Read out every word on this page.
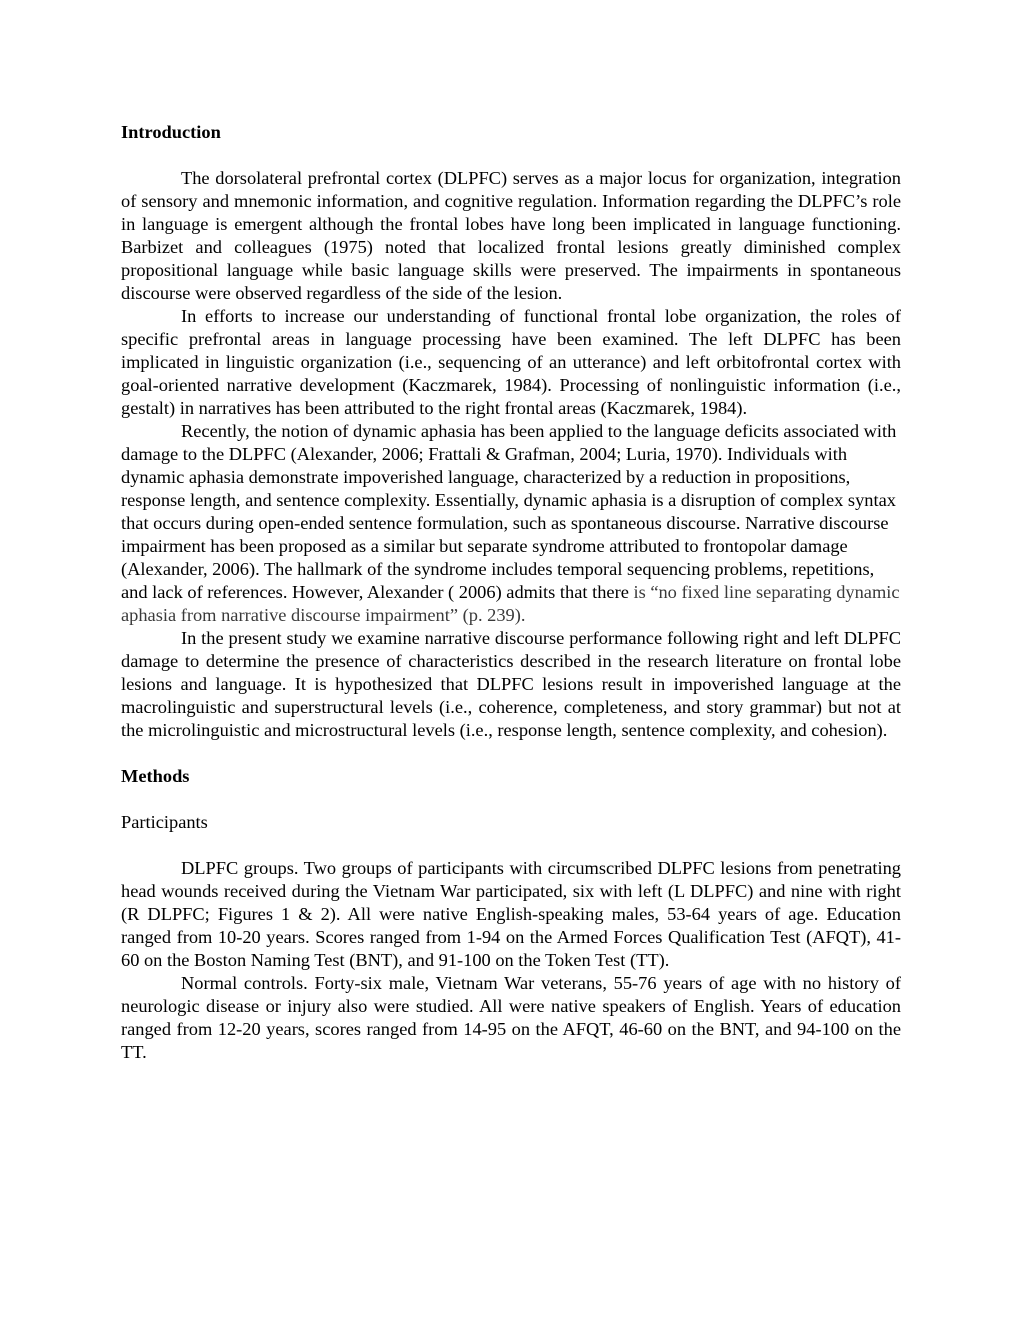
Introduction

The dorsolateral prefrontal cortex (DLPFC) serves as a major locus for organization, integration of sensory and mnemonic information, and cognitive regulation. Information regarding the DLPFC’s role in language is emergent although the frontal lobes have long been implicated in language functioning. Barbizet and colleagues (1975) noted that localized frontal lesions greatly diminished complex propositional language while basic language skills were preserved. The impairments in spontaneous discourse were observed regardless of the side of the lesion.

In efforts to increase our understanding of functional frontal lobe organization, the roles of specific prefrontal areas in language processing have been examined. The left DLPFC has been implicated in linguistic organization (i.e., sequencing of an utterance) and left orbitofrontal cortex with goal-oriented narrative development (Kaczmarek, 1984). Processing of nonlinguistic information (i.e., gestalt) in narratives has been attributed to the right frontal areas (Kaczmarek, 1984).

Recently, the notion of dynamic aphasia has been applied to the language deficits associated with damage to the DLPFC (Alexander, 2006; Frattali & Grafman, 2004; Luria, 1970). Individuals with dynamic aphasia demonstrate impoverished language, characterized by a reduction in propositions, response length, and sentence complexity. Essentially, dynamic aphasia is a disruption of complex syntax that occurs during open-ended sentence formulation, such as spontaneous discourse. Narrative discourse impairment has been proposed as a similar but separate syndrome attributed to frontopolar damage (Alexander, 2006). The hallmark of the syndrome includes temporal sequencing problems, repetitions, and lack of references. However, Alexander ( 2006) admits that there is “no fixed line separating dynamic aphasia from narrative discourse impairment” (p. 239).

In the present study we examine narrative discourse performance following right and left DLPFC damage to determine the presence of characteristics described in the research literature on frontal lobe lesions and language. It is hypothesized that DLPFC lesions result in impoverished language at the macrolinguistic and superstructural levels (i.e., coherence, completeness, and story grammar) but not at the microlinguistic and microstructural levels (i.e., response length, sentence complexity, and cohesion).

Methods
Participants

DLPFC groups. Two groups of participants with circumscribed DLPFC lesions from penetrating head wounds received during the Vietnam War participated, six with left (L DLPFC) and nine with right (R DLPFC; Figures 1 & 2). All were native English-speaking males, 53-64 years of age. Education ranged from 10-20 years. Scores ranged from 1-94 on the Armed Forces Qualification Test (AFQT), 41-60 on the Boston Naming Test (BNT), and 91-100 on the Token Test (TT).

Normal controls. Forty-six male, Vietnam War veterans, 55-76 years of age with no history of neurologic disease or injury also were studied. All were native speakers of English. Years of education ranged from 12-20 years, scores ranged from 14-95 on the AFQT, 46-60 on the BNT, and 94-100 on the TT.
